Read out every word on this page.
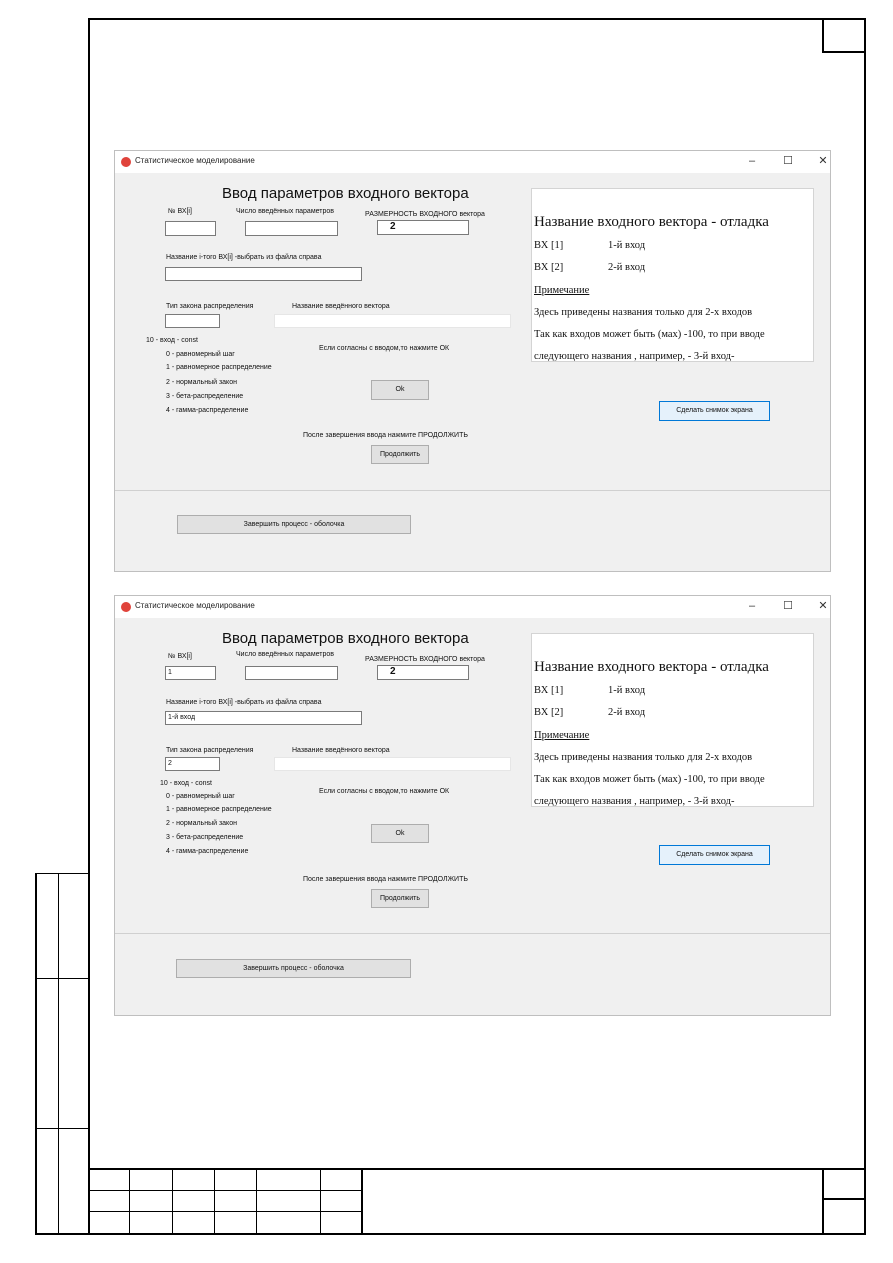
Статистическое моделирование	–	☐ ✕
Ввод параметров входного вектора
№ ВХ[i]	Число введённых параметров	РАЗМЕРНОСТЬ ВХОДНОГО вектора
2
Название i-того ВХ[i] -выбрать из файла справа
Тип закона распределения	Название введённого вектора
10 - вход - const
0 - равномерный шаг
1 - равномерное распределение
2 - нормальный закон
3 - бета-распределение
4 - гамма-распределение
Если согласны с вводом,то нажмите ОК
Ok
После завершения ввода нажмите ПРОДОЛЖИТЬ
Продолжить
Название входного вектора - отладка
ВХ [1]	1-й вход
ВХ [2]	2-й вход
Примечание
Здесь приведены названия только для 2-х входов
Так как входов может быть (мах) -100, то при вводе
следующего названия , например, - 3-й вход-
Сделать снимок экрана
Завершить процесс - оболочка
Статистическое моделирование	–	☐ ✕
Ввод параметров входного вектора
№ ВХ[i]	Число введённых параметров
РАЗМЕРНОСТЬ ВХОДНОГО вектора
1	2
Название i-того ВХ[i] -выбрать из файла справа
1-й вход
Тип закона распределения	Название введённого вектора
2
10 - вход - const
0 - равномерный шаг
1 - равномерное распределение
2 - нормальный закон
3 - бета-распределение
4 - гамма-распределение
Если согласны с вводом,то нажмите ОК
Ok
После завершения ввода нажмите ПРОДОЛЖИТЬ
Продолжить
Название входного вектора - отладка
ВХ [1]	1-й вход
ВХ [2]	2-й вход
Примечание
Здесь приведены названия только для 2-х входов
Так как входов может быть (мах) -100, то при вводе
следующего названия , например, - 3-й вход-
Сделать снимок экрана
Завершить процесс - оболочка
